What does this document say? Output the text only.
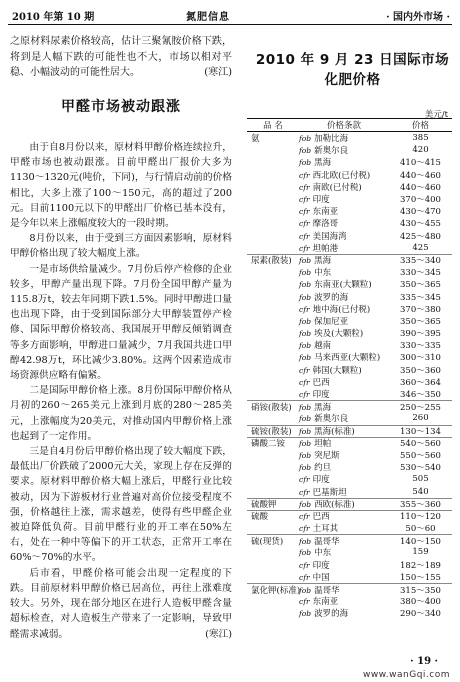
2010 年第 10 期	氮肥信息	· 国内外市场 ·

之原材料尿素价格较高，估计三聚氰胺价格下跌，将到是人幅下跌的可能性也不大，市场以相对平稳、小幅波动的可能性居大。	(寒江)

甲醛市场被动跟涨

由于自8月份以来，原材料甲醇价格连续拉升，甲醛市场也被动跟涨。目前甲醛出厂报价大多为1130～1320元(吨价，下同)，与行情启动前的价格相比，大多上涨了100～150元，高的超过了200元。目前1100元以下的甲醛出厂价格已基本没有，是今年以来上涨幅度较大的一段时期。

8月份以来，由于受到三方面因素影响，原材料甲醇价格出现了较大幅度上涨。

一是市场供给量减少。7月份后停产检修的企业较多，甲醇产量出现下降。7月份全国甲醇产量为115.8万t，较去年同期下跌1.5%。同时甲醇进口量也出现下降，由于受到国际部分大甲醇装置停产检修、国际甲醇价格较高、我国展开甲醇反倾销调查等多方面影响，甲醇进口量减少，7月我国共进口甲醇42.98万t，环比减少3.80%。这两个因素造成市场资源供应略有偏紧。

二是国际甲醇价格上涨。8月份国际甲醇价格从月初的260～265美元上涨到月底的280～285美元，上涨幅度为20美元，对推动国内甲醇价格上涨也起到了一定作用。

三是自4月份后甲醇价格出现了较大幅度下跌，最低出厂价跌破了2000元大关，家现上存在反弹的要求。原材料甲醇价格大幅上涨后，甲醛行业比较被动，因为下游板材行业普遍对高价位接受程度不强，价格越往上涨，需求越差，使得有些甲醛企业被迫降低负荷。目前甲醛行业的开工率在50%左右，处在一种中等偏下的开工状态，正常开工率在60%～70%的水平。

后市看，甲醛价格可能会出现一定程度的下跌。目前原材料甲醇价格已居高位，再往上涨难度较大。另外，现在部分地区在进行人造板甲醛含量超标检查，对人造板生产带来了一定影响，导致甲醛需求减弱。	(寒江)

2010 年 9 月 23 日国际市场化肥价格
美元/t
品 名	价格条款	价格
氨	fob 加勒比海	385
fob 新奥尔良	420
fob 黑海	410～415
cfr 西北欧(已付税)	440～460
cfr 南欧(已付税)	440～460
cfr 印度	370～400
cfr 东南亚	430～470
cfr 摩洛哥	430～455
cfr 美国海湾	425～480
cfr 坦帕港	425
尿素(散装) fob 黑海	335～340
fob 中东	330～345
fob 东南亚(大颗粒)	350～365
fob 波罗的海	335～345
cfr 地中海(已付税)	370～380
fob 保加尼亚	350～365
fob 埃及(大颗粒)	390～395
fob 越南	330～335
fob 马来西亚(大颗粒)	300～310
cfr 韩国(大颗粒)	350～360
cfr 巴西	360～364
cfr 印度	346～350
硝铵(散装) fob 黑海	250～255
fob 新奥尔良	260
硫铵(散装) fob 黑海(标准)	130～134
磷酸二铵	fob 坦帕	540～560
fob 突尼斯	550～560
fob 约旦	530～540
cfr 印度	505
cfr 巴基斯坦	540
硫酸钾	fob 西欧(标准)	355～360
硫酸	cfr 巴西	110～120
cfr 土耳其	50～60
硫(现货)	fob 温哥华	140～150
fob 中东	159
cfr 印度	182～189
cfr 中国	150～155
氯化钾(标准)
fob 温哥华	315～350
cfr 东南亚	380～400
fob 波罗的海	290～340
· 19 ·
www.wanGqi.com
